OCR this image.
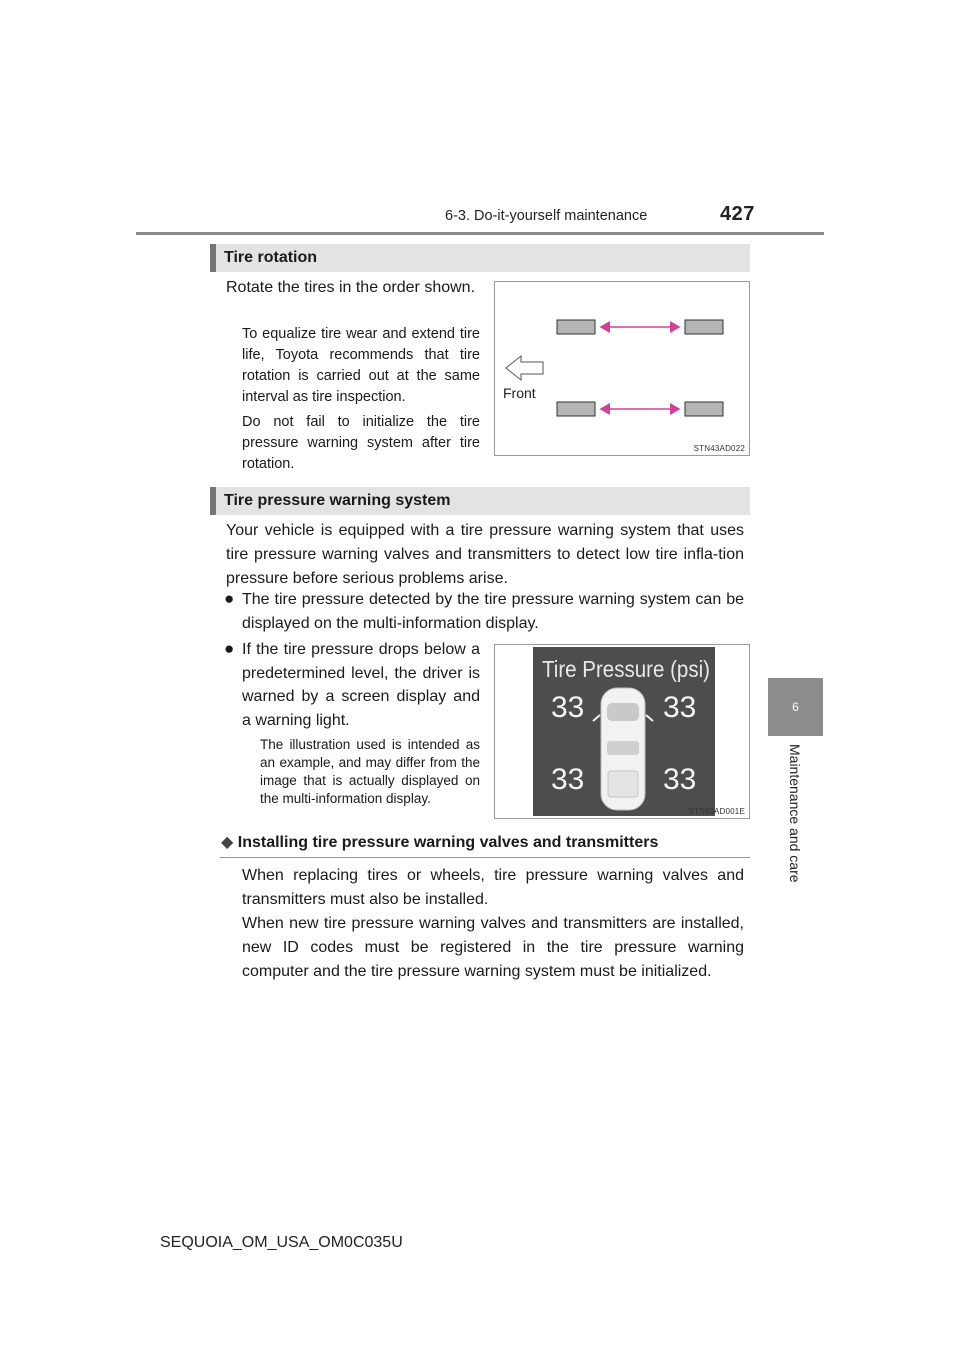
6-3. Do-it-yourself maintenance	427
6
Maintenance and care
Tire rotation
Rotate the tires in the order shown.
To equalize tire wear and extend tire life, Toyota recommends that tire rotation is carried out at the same interval as tire inspection.
Do not fail to initialize the tire pressure warning system after tire rotation.
Front
STN43AD022
Tire pressure warning system
Your vehicle is equipped with a tire pressure warning system that uses tire pressure warning valves and transmitters to detect low tire infla-tion pressure before serious problems arise.
● The tire pressure detected by the tire pressure warning system can be displayed on the multi-information display.
● If the tire pressure drops below a predetermined level, the driver is warned by a screen display and a warning light.
The illustration used is intended as an example, and may differ from the image that is actually displayed on the multi-information display.
Tire Pressure (psi)
33	33
33	33
STS63AD001E
◆ Installing tire pressure warning valves and transmitters
When replacing tires or wheels, tire pressure warning valves and transmitters must also be installed.
When new tire pressure warning valves and transmitters are installed, new ID codes must be registered in the tire pressure warning computer and the tire pressure warning system must be initialized.
SEQUOIA_OM_USA_OM0C035U
